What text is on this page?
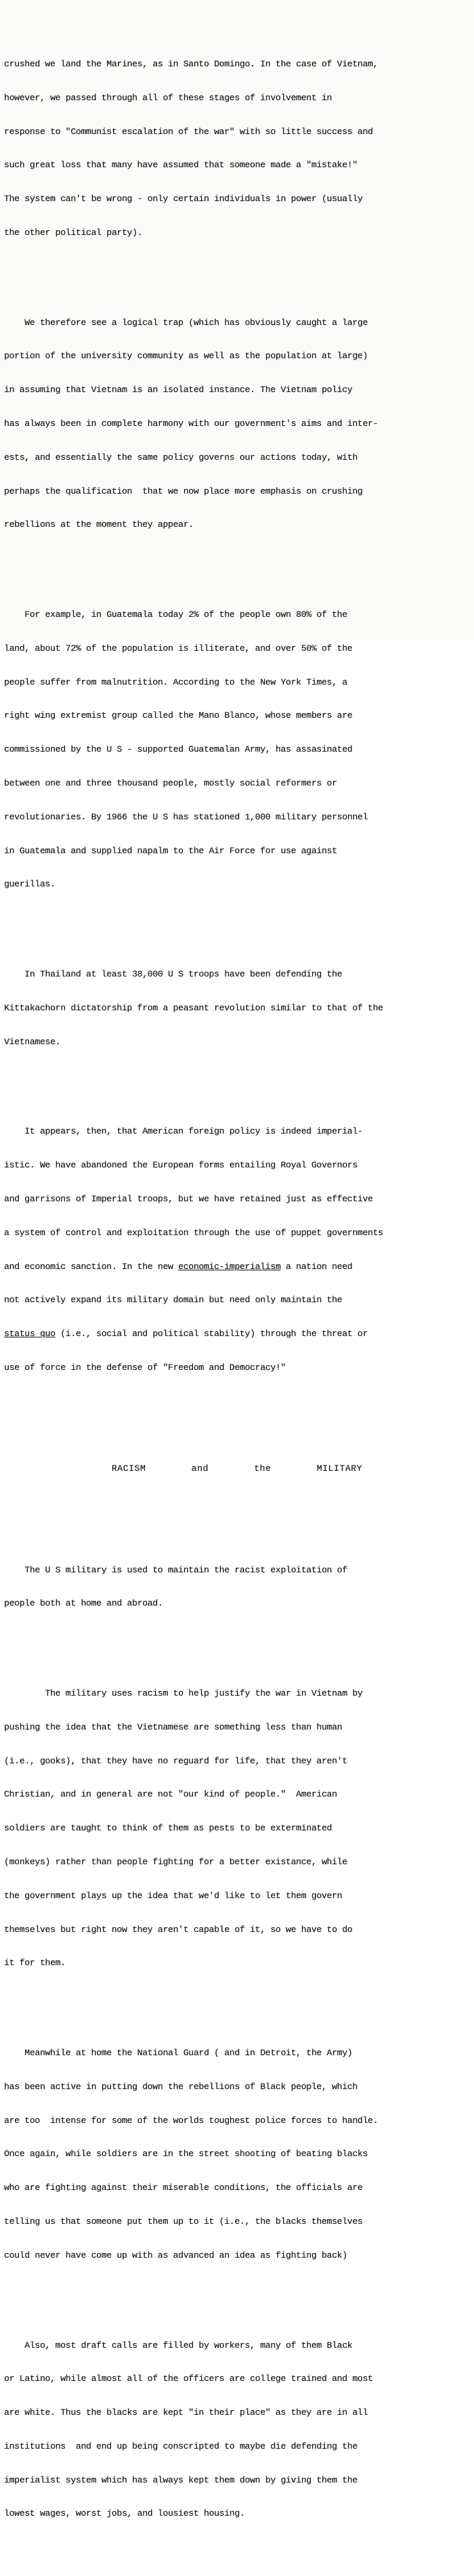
crushed we land the Marines, as in Santo Domingo. In the case of Vietnam,

however, we passed through all of these stages of involvement in

response to "Communist escalation of the war" with so little success and

such great loss that many have assumed that someone made a "mistake!"

The system can't be wrong - only certain individuals in power (usually

the other political party).

We therefore see a logical trap (which has obviously caught a large

portion of the university community as well as the population at large)

in assuming that Vietnam is an isolated instance. The Vietnam policy

has always been in complete harmony with our government's aims and inter-

ests, and essentially the same policy governs our actions today, with

perhaps the qualification  that we now place more emphasis on crushing

rebellions at the moment they appear.

For example, in Guatemala today 2% of the people own 80% of the

land, about 72% of the population is illiterate, and over 50% of the

people suffer from malnutrition. According to the New York Times, a

right wing extremist group called the Mano Blanco, whose members are

commissioned by the U S - supported Guatemalan Army, has assasinated

between one and three thousand people, mostly social reformers or

revolutionaries. By 1966 the U S has stationed 1,000 military personnel

in Guatemala and supplied napalm to the Air Force for use against

guerillas.

In Thailand at least 38,000 U S troops have been defending the

Kittakachorn dictatorship from a peasant revolution similar to that of the

Vietnamese.

It appears, then, that American foreign policy is indeed imperial-

istic. We have abandoned the European forms entailing Royal Governors

and garrisons of Imperial troops, but we have retained just as effective

a system of control and exploitation through the use of puppet governments

and economic sanction. In the new economic-imperialism a nation need

not actively expand its military domain but need only maintain the

status quo (i.e., social and political stability) through the threat or

use of force in the defense of "Freedom and Democracy!"

RACISM        and        the        MILITARY

The U S military is used to maintain the racist exploitation of

people both at home and abroad.

The military uses racism to help justify the war in Vietnam by

pushing the idea that the Vietnamese are something less than human

(i.e., gooks), that they have no reguard for life, that they aren't

Christian, and in general are not "our kind of people."  American

soldiers are taught to think of them as pests to be exterminated

(monkeys) rather than people fighting for a better existance, while

the government plays up the idea that we'd like to let them govern

themselves but right now they aren't capable of it, so we have to do

it for them.

Meanwhile at home the National Guard ( and in Detroit, the Army)

has been active in putting down the rebellions of Black people, which

are too  intense for some of the worlds toughest police forces to handle.

Once again, while soldiers are in the street shooting of beating blacks

who are fighting against their miserable conditions, the officials are

telling us that someone put them up to it (i.e., the blacks themselves

could never have come up with as advanced an idea as fighting back)

Also, most draft calls are filled by workers, many of them Black

or Latino, while almost all of the officers are college trained and most

are white. Thus the blacks are kept "in their place" as they are in all

institutions  and end up being conscripted to maybe die defending the

imperialist system which has always kept them down by giving them the

lowest wages, worst jobs, and lousiest housing.
